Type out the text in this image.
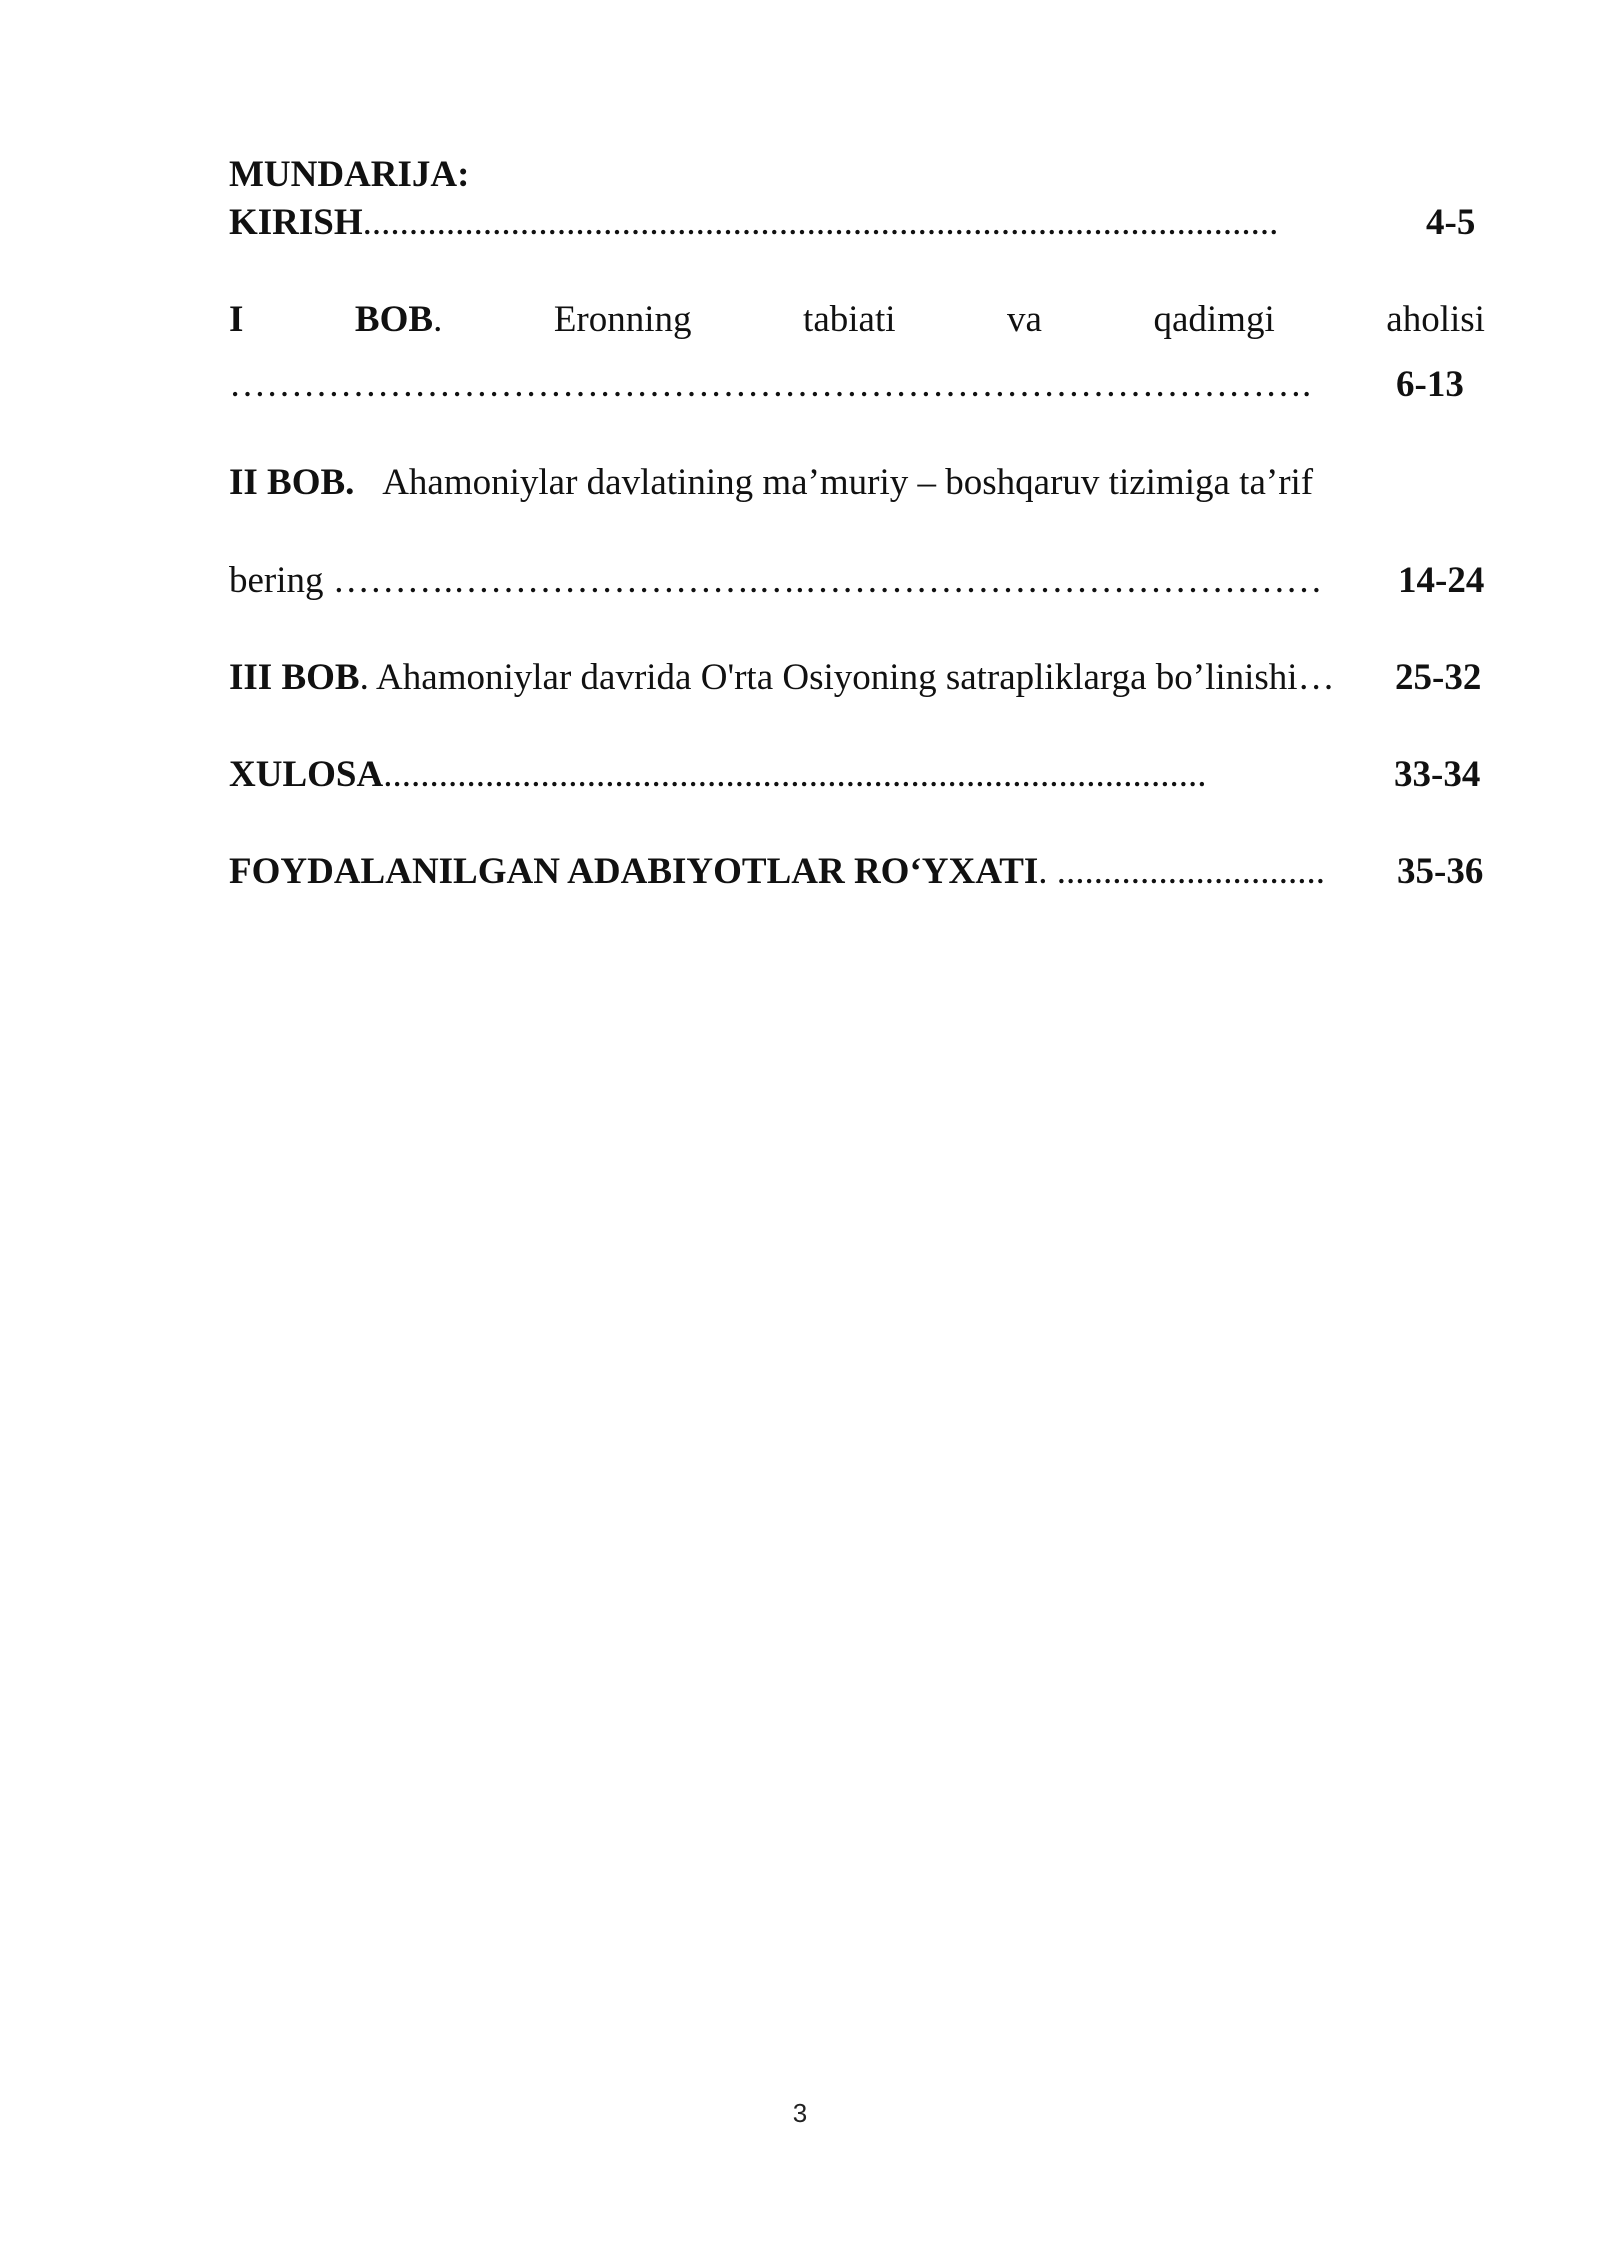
MUNDARIJA:
KIRISH...................................................................................................	4-5
I	BOB.	Eronning	tabiati	va	qadimgi	aholisi
……………………………………………………………………………. 6-13
II BOB. Ahamoniylar davlatining ma’muriy – boshqaruv tizimiga ta’rif
bering ……….…………………….….…………………………………… 14-24
III BOB. Ahamoniylar davrida O'rta Osiyoning satrapliklarga bo’linishi… 25-32
XULOSA.........................................................................................	33-34
FOYDALANILGAN ADABIYOTLAR RO‘YXATI. ............................. 35-36
3
